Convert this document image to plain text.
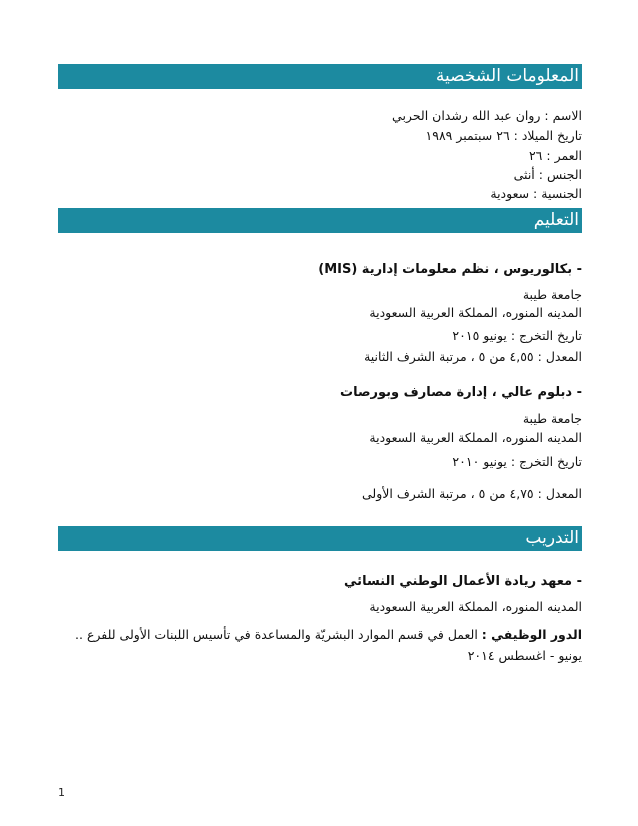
المعلومات الشخصية
الاسم : روان عبد الله رشدان الحربي
تاريخ الميلاد : ٢٦ سبتمبر ١٩٨٩
العمر : ٢٦
الجنس : أنثى
الجنسية : سعودية
التعليم
- بكالوريوس ، نظم معلومات إدارية (MIS)
جامعة طيبة
المدينه المنوره، المملكة العربية السعودية
تاريخ التخرج : يونيو ٢٠١٥
المعدل : ٤,٥٥ من ٥ ، مرتبة الشرف الثانية
- دبلوم عالي ، إدارة مصارف وبورصات
جامعة طيبة
المدينه المنوره، المملكة العربية السعودية
تاريخ التخرج : يونيو ٢٠١٠
المعدل : ٤,٧٥ من ٥ ، مرتبة الشرف الأولى
التدريب
- معهد ريادة الأعمال الوطني النسائي
المدينه المنوره، المملكة العربية السعودية
الدور الوظيفي : العمل في قسم الموارد البشريّة والمساعدة في تأسيس اللبنات الأولى للفرع ..
يونيو - اغسطس ٢٠١٤
1
